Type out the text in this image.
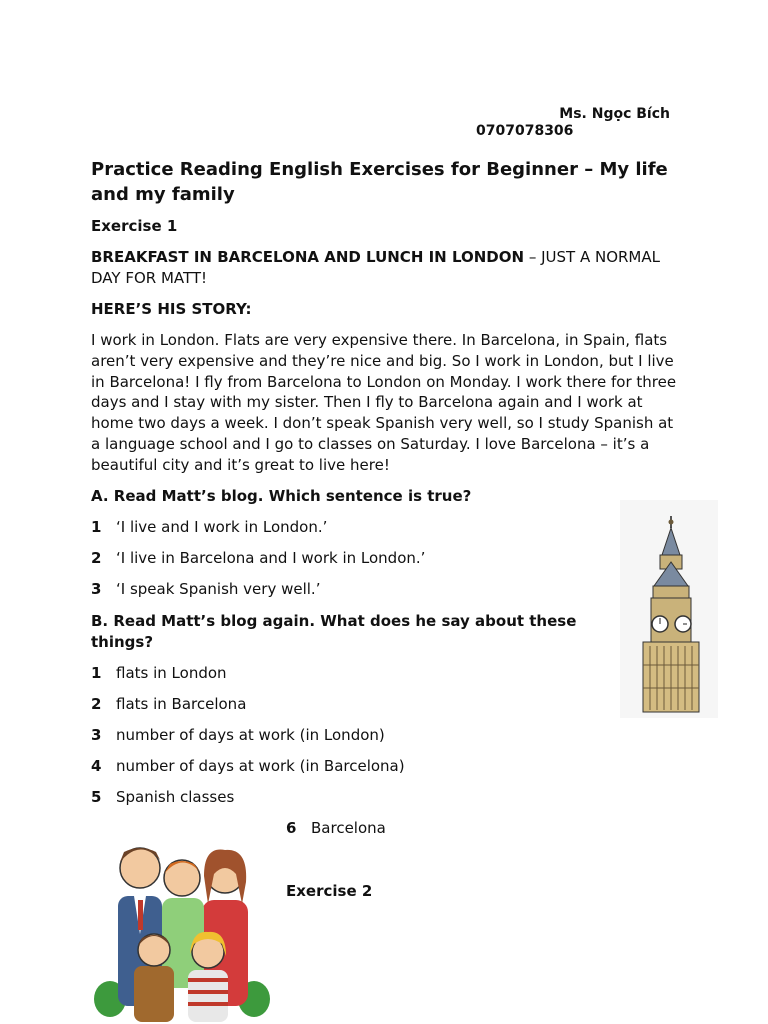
Ms. Ngọc Bích
0707078306
Practice Reading English Exercises for Beginner – My life and my family
Exercise 1
BREAKFAST IN BARCELONA AND LUNCH IN LONDON – JUST A NORMAL DAY FOR MATT!
HERE’S HIS STORY:
I work in London. Flats are very expensive there. In Barcelona, in Spain, flats aren’t very expensive and they’re nice and big. So I work in London, but I live in Barcelona! I fly from Barcelona to London on Monday. I work there for three days and I stay with my sister. Then I fly to Barcelona again and I work at home two days a week. I don’t speak Spanish very well, so I study Spanish at a language school and I go to classes on Saturday. I love Barcelona – it’s a beautiful city and it’s great to live here!
A. Read Matt’s blog. Which sentence is true?
1 ‘I live and I work in London.’
2 ‘I live in Barcelona and I work in London.’
3 ‘I speak Spanish very well.’
B. Read Matt’s blog again. What does he say about these things?
1 flats in London
2 flats in Barcelona
3 number of days at work (in London)
4 number of days at work (in Barcelona)
5 Spanish classes
6 Barcelona
Exercise 2
